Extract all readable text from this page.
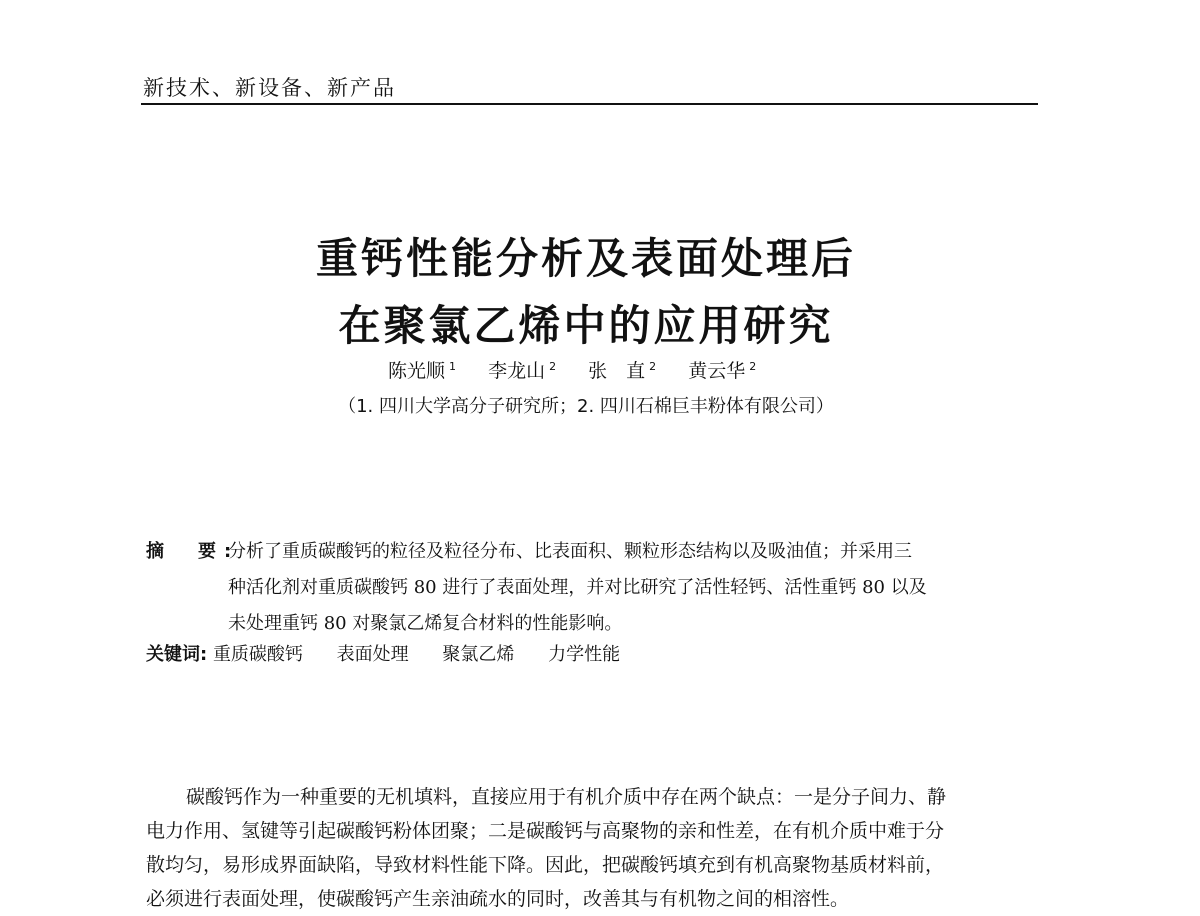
新技术、新设备、新产品
重钙性能分析及表面处理后
在聚氯乙烯中的应用研究
陈光顺 $^1$ 李龙山 $^2$ 张　直 $^2$ 黄云华 $^2$
（1. 四川大学高分子研究所；2. 四川石棉巨丰粉体有限公司）
摘　要:
分析了重质碳酸钙的粒径及粒径分布、比表面积、颗粒形态结构以及吸油值；并采用三
种活化剂对重质碳酸钙 80 进行了表面处理，并对比研究了活性轻钙、活性重钙 80 以及
未处理重钙 80 对聚氯乙烯复合材料的性能影响。
关键词: 重质碳酸钙 表面处理 聚氯乙烯 力学性能
碳酸钙作为一种重要的无机填料，直接应用于有机介质中存在两个缺点：一是分子间力、静
电力作用、氢键等引起碳酸钙粉体团聚；二是碳酸钙与高聚物的亲和性差，在有机介质中难于分
散均匀，易形成界面缺陷，导致材料性能下降。因此，把碳酸钙填充到有机高聚物基质材料前，
必须进行表面处理，使碳酸钙产生亲油疏水的同时，改善其与有机物之间的相溶性。
